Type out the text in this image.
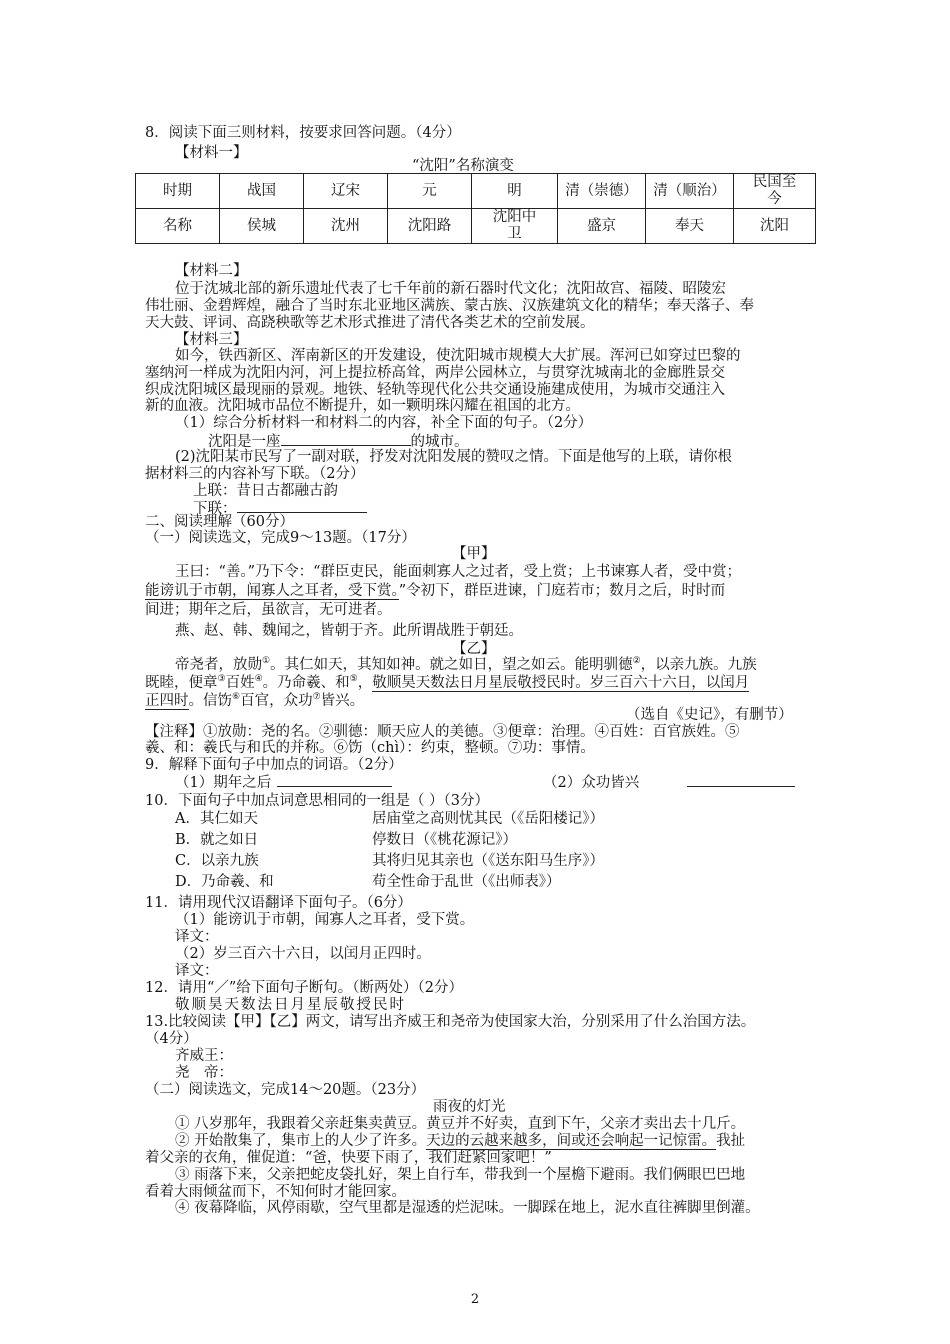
8．阅读下面三则材料，按要求回答问题。（4分）
【材料一】
“沈阳”名称演变
时期	战国	辽宋	元	明	清（崇德）	清（顺治）	民国至今
名称	侯城	沈州	沈阳路	沈阳中卫	盛京	奉天	沈阳
【材料二】
位于沈城北部的新乐遗址代表了七千年前的新石器时代文化；沈阳故宫、福陵、昭陵宏
伟壮丽、金碧辉煌，融合了当时东北亚地区满族、蒙古族、汉族建筑文化的精华；奉天落子、奉
天大鼓、评词、高跷秧歌等艺术形式推进了清代各类艺术的空前发展。
【材料三】
如今，铁西新区、浑南新区的开发建设，使沈阳城市规模大大扩展。浑河已如穿过巴黎的
塞纳河一样成为沈阳内河，河上提拉桥高耸，两岸公园林立，与贯穿沈城南北的金廊胜景交
织成沈阳城区最现丽的景观。地铁、轻轨等现代化公共交通设施建成使用，为城市交通注入
新的血液。沈阳城市品位不断提升，如一颗明珠闪耀在祖国的北方。
（1）综合分析材料一和材料二的内容，补全下面的句子。（2分）
沈阳是一座	的城市。
(2)沈阳某市民写了一副对联，抒发对沈阳发展的赞叹之情。下面是他写的上联，请你根
据材料三的内容补写下联。（2分）
上联：昔日古都融古韵
下联：
二、阅读理解（60分）
（一）阅读选文，完成9～13题。（17分）
【甲】
王曰：“善。”乃下令：“群臣吏民，能面刺寡人之过者，受上赏；上书谏寡人者，受中赏；
能谤讥于市朝，闻寡人之耳者，受下赏。”令初下，群臣进谏，门庭若市；数月之后，时时而
间进；期年之后，虽欲言，无可进者。
燕、赵、韩、魏闻之，皆朝于齐。此所谓战胜于朝廷。
【乙】
帝尧者，放勋①。其仁如天，其知如神。就之如日，望之如云。能明驯德②，以亲九族。九族
既睦，便章③百姓④。乃命羲、和⑤，敬顺昊天数法日月星辰敬授民时。岁三百六十六日，以闰月
正四时。信饬⑥百官，众功⑦皆兴。
（选自《史记》，有删节）
【注释】①放勋：尧的名。②驯德：顺天应人的美德。③便章：治理。④百姓：百官族姓。⑤
羲、和：羲氏与和氏的并称。⑥饬（chì）：约束，整顿。⑦功：事情。
9．解释下面句子中加点的词语。（2分）
（1）期年之后	（2）众功皆兴
10．下面句子中加点词意思相同的一组是（ ）（3分）
A．其仁如天	居庙堂之高则忧其民（《岳阳楼记》）
B．就之如日	停数日（《桃花源记》）
C．以亲九族	其将归见其亲也（《送东阳马生序》）
D．乃命羲、和	苟全性命于乱世（《出师表》）
11．请用现代汉语翻译下面句子。（6分）
（1）能谤讥于市朝，闻寡人之耳者，受下赏。
译文：
（2）岁三百六十六日，以闰月正四时。
译文：
12．请用“／”给下面句子断句。（断两处）（2分）
敬顺昊天数法日月星辰敬授民时
13.比较阅读【甲】【乙】两文，请写出齐威王和尧帝为使国家大治，分别采用了什么治国方法。
（4分）
齐威王：
尧　帝：
（二）阅读选文，完成14～20题。（23分）
雨夜的灯光
① 八岁那年，我跟着父亲赶集卖黄豆。黄豆并不好卖，直到下午，父亲才卖出去十几斤。
② 开始散集了，集市上的人少了许多。天边的云越来越多，间或还会响起一记惊雷。我扯
着父亲的衣角，催促道： “爸，快要下雨了，我们赶紧回家吧！”
③ 雨落下来，父亲把蛇皮袋扎好，架上自行车，带我到一个屋檐下避雨。我们俩眼巴巴地
看着大雨倾盆而下，不知何时才能回家。
④ 夜幕降临，风停雨歇，空气里都是湿透的烂泥味。一脚踩在地上，泥水直往裤脚里倒灌。
2
